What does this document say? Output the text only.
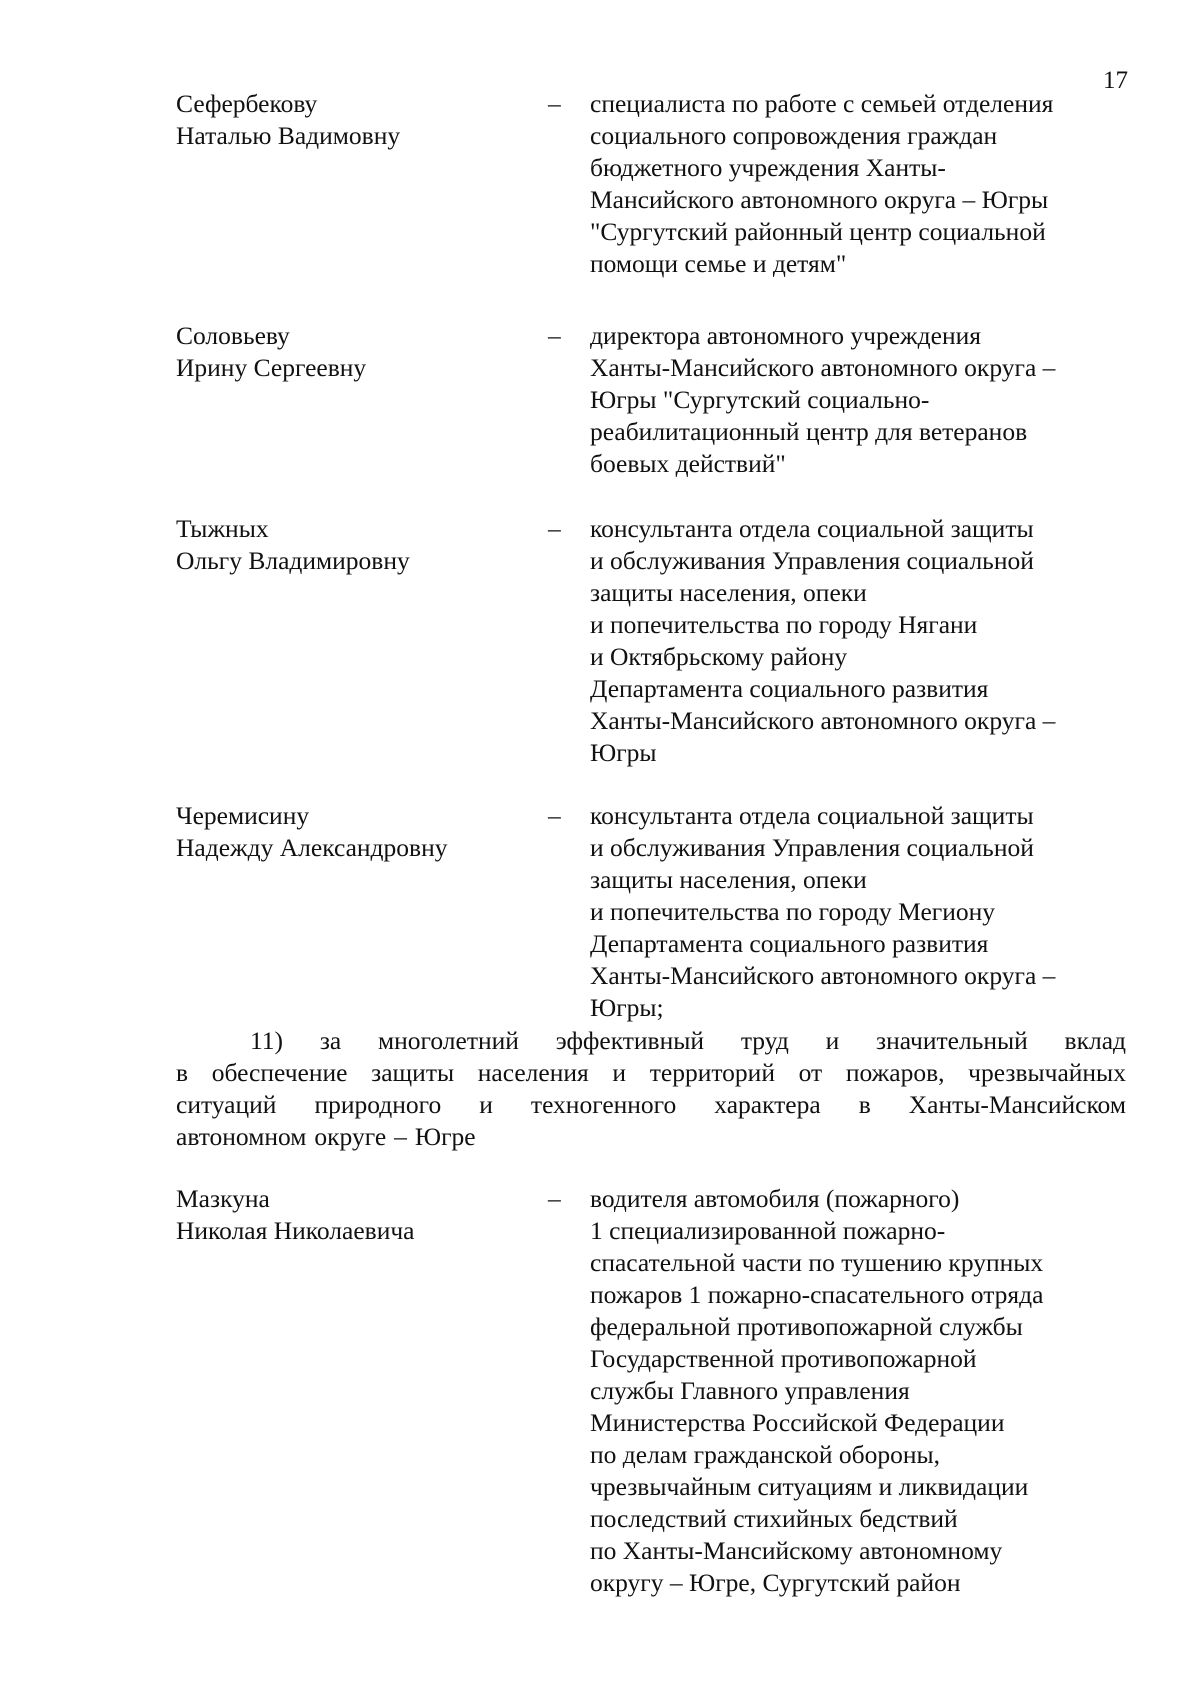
17
Сефербекову
Наталью Вадимовну
– специалиста по работе с семьей отделения
социального сопровождения граждан
бюджетного учреждения Ханты-
Мансийского автономного округа – Югры
"Сургутский районный центр социальной
помощи семье и детям"
Соловьеву
Ирину Сергеевну
– директора автономного учреждения
Ханты-Мансийского автономного округа –
Югры "Сургутский социально-
реабилитационный центр для ветеранов
боевых действий"
Тыжных
Ольгу Владимировну
– консультанта отдела социальной защиты
и обслуживания Управления социальной
защиты населения, опеки
и попечительства по городу Нягани
и Октябрьскому району
Департамента социального развития
Ханты-Мансийского автономного округа –
Югры
Черемисину
Надежду Александровну
– консультанта отдела социальной защиты
и обслуживания Управления социальной
защиты населения, опеки
и попечительства по городу Мегиону
Департамента социального развития
Ханты-Мансийского автономного округа –
Югры;
11) за многолетний эффективный труд и значительный вклад
в обеспечение защиты населения и территорий от пожаров, чрезвычайных
ситуаций природного и техногенного характера в Ханты-Мансийском
автономном округе – Югре
Мазкуна
Николая Николаевича
– водителя автомобиля (пожарного)
1 специализированной пожарно-
спасательной части по тушению крупных
пожаров 1 пожарно-спасательного отряда
федеральной противопожарной службы
Государственной противопожарной
службы Главного управления
Министерства Российской Федерации
по делам гражданской обороны,
чрезвычайным ситуациям и ликвидации
последствий стихийных бедствий
по Ханты-Мансийскому автономному
округу – Югре, Сургутский район
